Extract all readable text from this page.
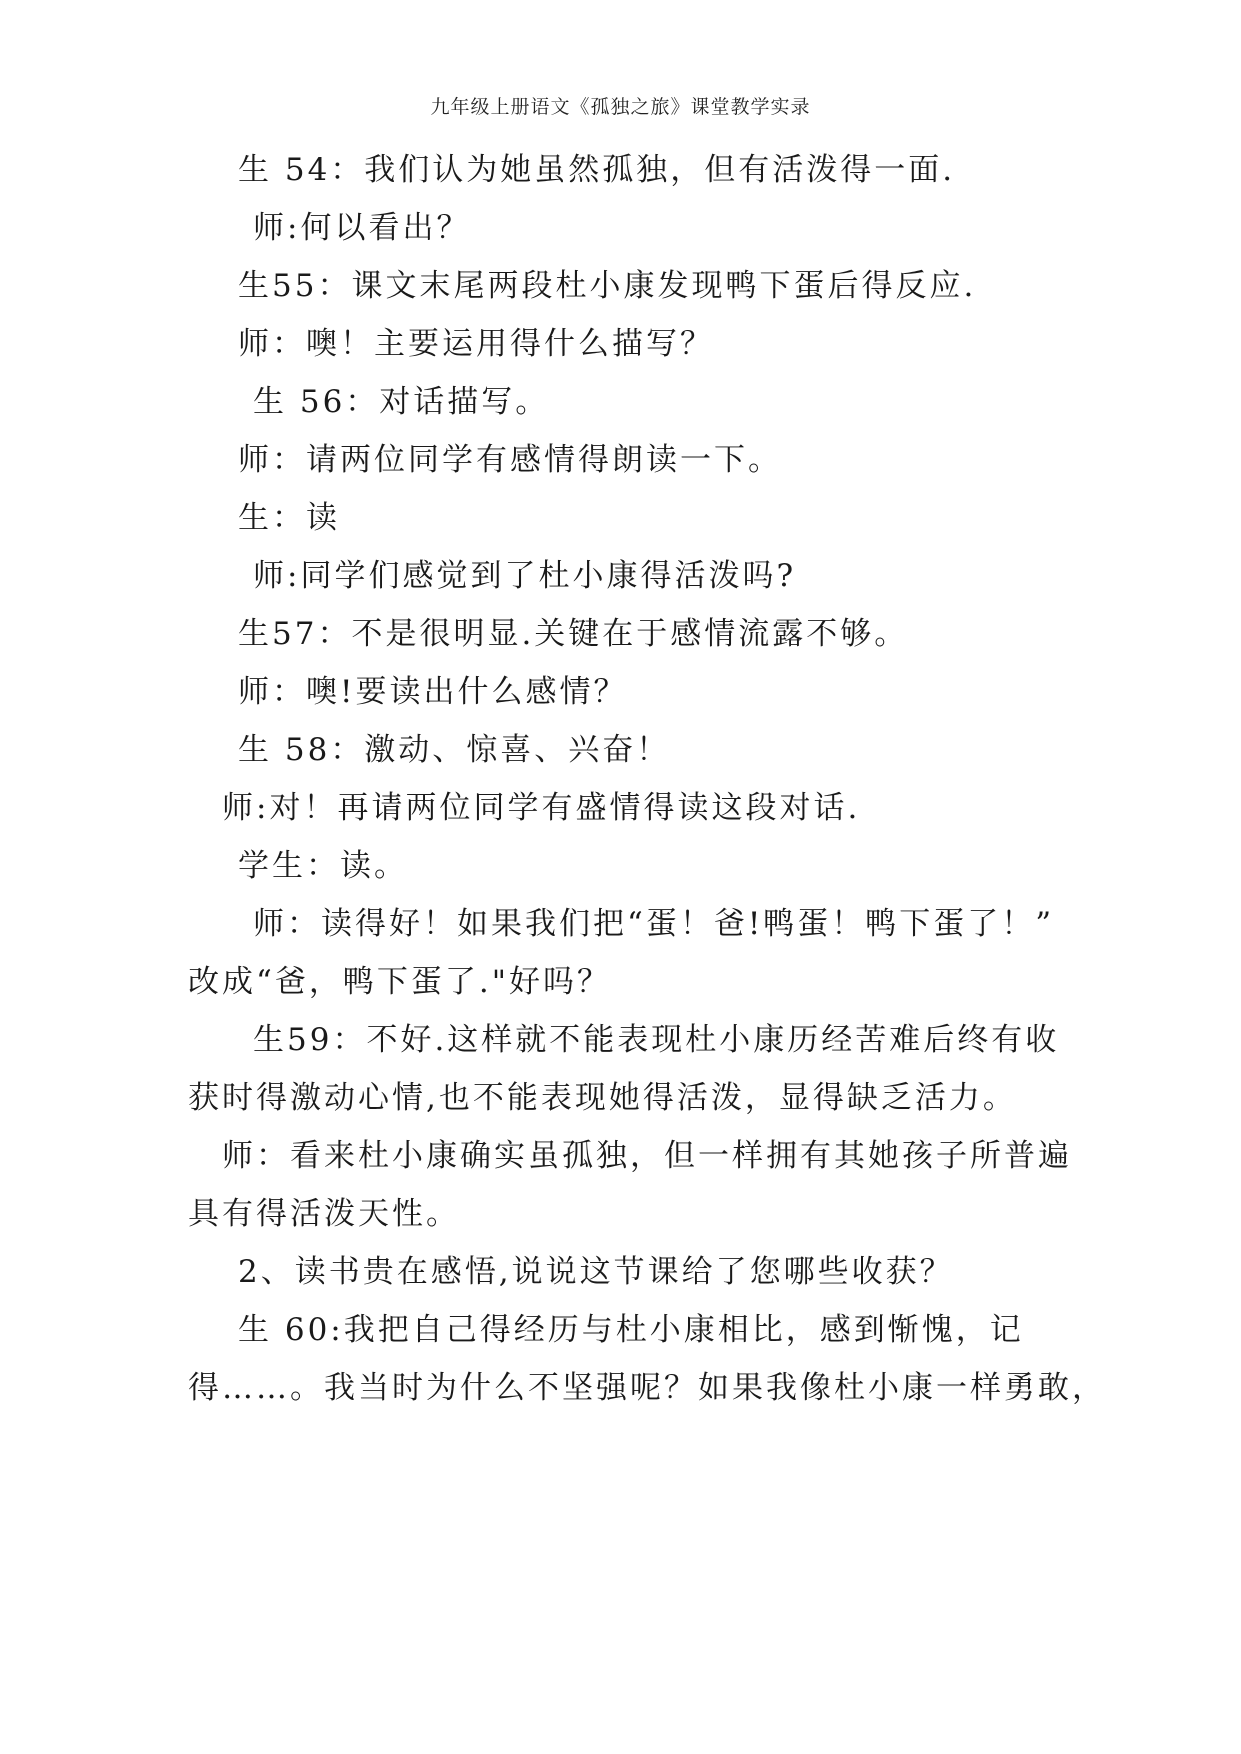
九年级上册语文《孤独之旅》课堂教学实录
生 54：我们认为她虽然孤独，但有活泼得一面.
师:何以看出？
生55：课文末尾两段杜小康发现鸭下蛋后得反应.
师：噢！主要运用得什么描写？
生 56：对话描写。
师：请两位同学有感情得朗读一下。
生：读
师:同学们感觉到了杜小康得活泼吗?
生57：不是很明显.关键在于感情流露不够。
师：噢!要读出什么感情？
生 58：激动、惊喜、兴奋！
师:对！再请两位同学有盛情得读这段对话.
学生：读。
师：读得好！如果我们把“蛋！爸!鸭蛋！鸭下蛋了！”
改成“爸，鸭下蛋了."好吗？
生59：不好.这样就不能表现杜小康历经苦难后终有收
获时得激动心情,也不能表现她得活泼，显得缺乏活力。
师：看来杜小康确实虽孤独，但一样拥有其她孩子所普遍
具有得活泼天性。
2、读书贵在感悟,说说这节课给了您哪些收获？
生 60:我把自己得经历与杜小康相比，感到惭愧，记
得……。我当时为什么不坚强呢？如果我像杜小康一样勇敢，
